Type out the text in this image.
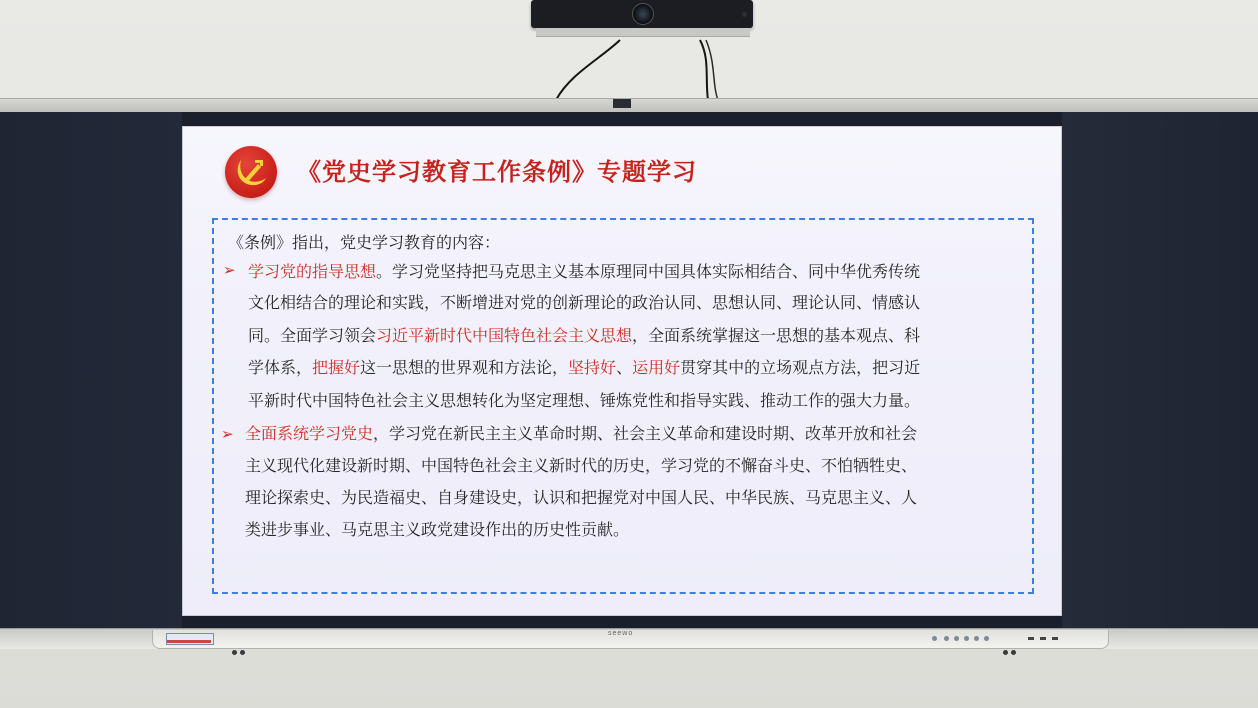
《党史学习教育工作条例》专题学习
《条例》指出，党史学习教育的内容：
➢ 学习党的指导思想。学习党坚持把马克思主义基本原理同中国具体实际相结合、同中华优秀传统
文化相结合的理论和实践，不断增进对党的创新理论的政治认同、思想认同、理论认同、情感认
同。全面学习领会习近平新时代中国特色社会主义思想，全面系统掌握这一思想的基本观点、科
学体系，把握好这一思想的世界观和方法论，坚持好、运用好贯穿其中的立场观点方法，把习近
平新时代中国特色社会主义思想转化为坚定理想、锤炼党性和指导实践、推动工作的强大力量。
➢ 全面系统学习党史，学习党在新民主主义革命时期、社会主义革命和建设时期、改革开放和社会
主义现代化建设新时期、中国特色社会主义新时代的历史，学习党的不懈奋斗史、不怕牺牲史、
理论探索史、为民造福史、自身建设史，认识和把握党对中国人民、中华民族、马克思主义、人
类进步事业、马克思主义政党建设作出的历史性贡献。
seewo
